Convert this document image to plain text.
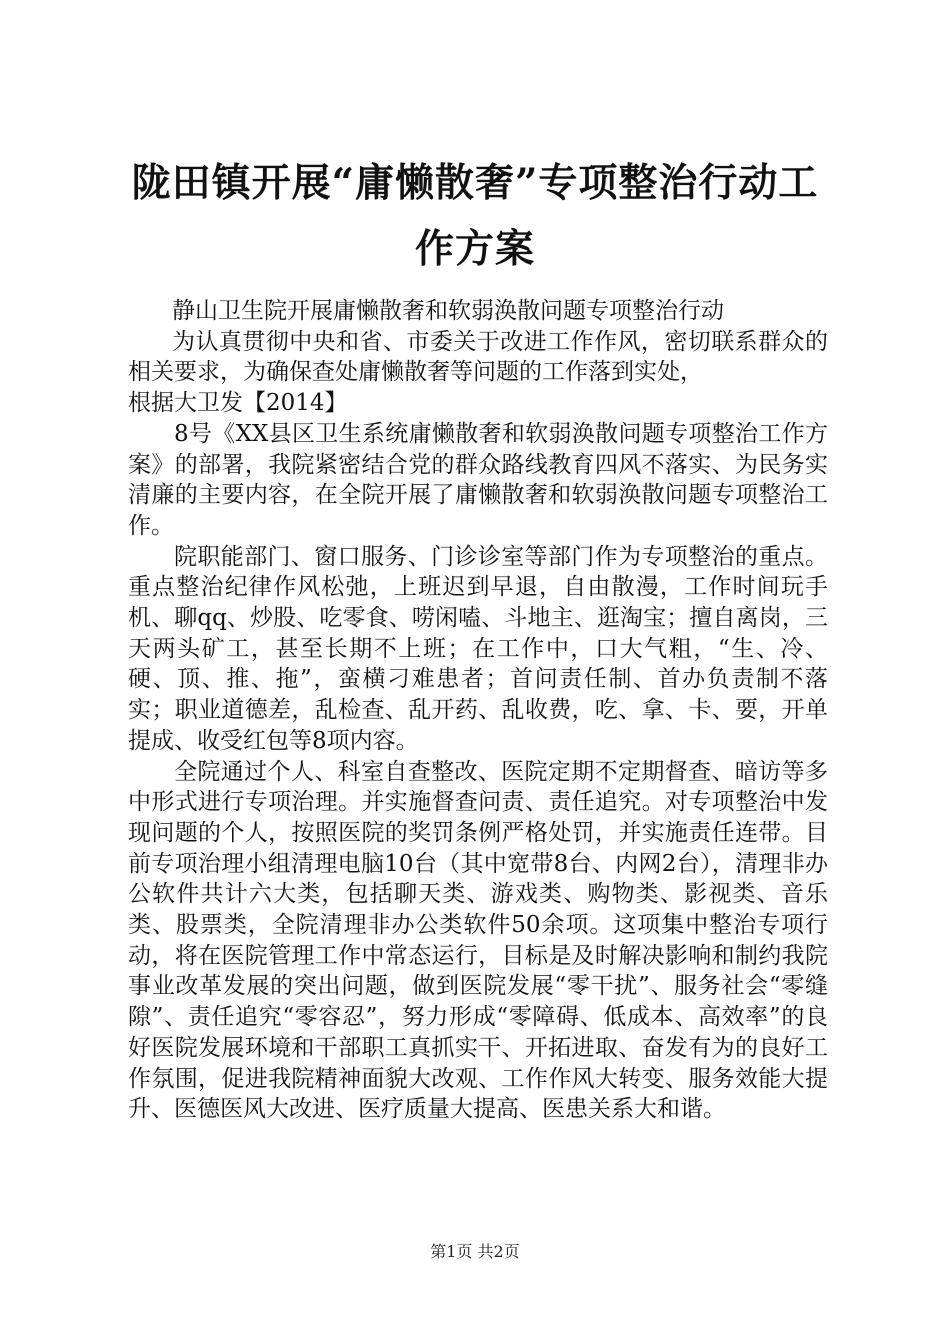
陇田镇开展“庸懒散奢”专项整治行动工作方案

静山卫生院开展庸懒散奢和软弱涣散问题专项整治行动

为认真贯彻中央和省、市委关于改进工作作风，密切联系群众的相关要求，为确保查处庸懒散奢等问题的工作落到实处，

根据大卫发【2014】

8号《XX县区卫生系统庸懒散奢和软弱涣散问题专项整治工作方案》的部署，我院紧密结合党的群众路线教育四风不落实、为民务实清廉的主要内容，在全院开展了庸懒散奢和软弱涣散问题专项整治工作。

院职能部门、窗口服务、门诊诊室等部门作为专项整治的重点。重点整治纪律作风松弛，上班迟到早退，自由散漫，工作时间玩手机、聊qq、炒股、吃零食、唠闲嗑、斗地主、逛淘宝；擅自离岗，三天两头矿工，甚至长期不上班；在工作中，口大气粗，“生、冷、硬、顶、推、拖”，蛮横刁难患者；首问责任制、首办负责制不落实；职业道德差，乱检查、乱开药、乱收费，吃、拿、卡、要，开单提成、收受红包等8项内容。

全院通过个人、科室自查整改、医院定期不定期督查、暗访等多中形式进行专项治理。并实施督查问责、责任追究。对专项整治中发现问题的个人，按照医院的奖罚条例严格处罚，并实施责任连带。目前专项治理小组清理电脑10台（其中宽带8台、内网2台），清理非办公软件共计六大类，包括聊天类、游戏类、购物类、影视类、音乐类、股票类，全院清理非办公类软件50余项。这项集中整治专项行动，将在医院管理工作中常态运行，目标是及时解决影响和制约我院事业改革发展的突出问题，做到医院发展“零干扰”、服务社会“零缝隙”、责任追究“零容忍”，努力形成“零障碍、低成本、高效率”的良好医院发展环境和干部职工真抓实干、开拓进取、奋发有为的良好工作氛围，促进我院精神面貌大改观、工作作风大转变、服务效能大提升、医德医风大改进、医疗质量大提高、医患关系大和谐。

第1页 共2页
